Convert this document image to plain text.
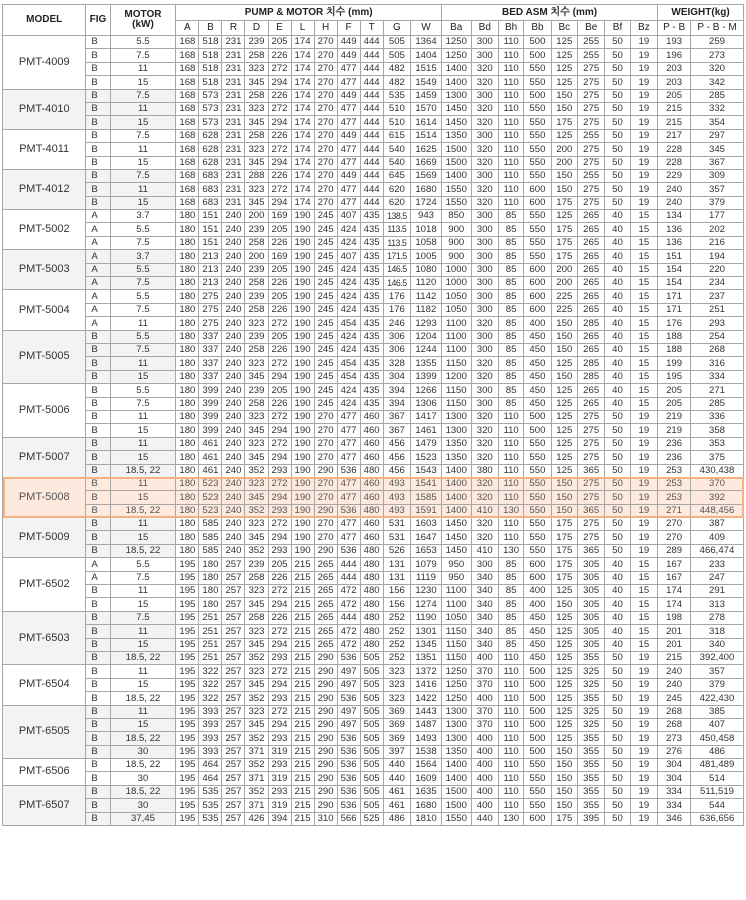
MODEL	FIG	MOTOR
(kW)	PUMP & MOTOR 치수 (mm)											BED ASM 치수 (mm)								WEIGHT(kg)	
			A	B	R	D	E	L	H	F	T	G	W	Ba	Bd	Bh	Bb	Bc	Be	Bf	Bz	P - B	P - B - M
PMT-4009	B	5.5	168	518	231	239	205	174	270	449	444	505	1364	1250	300	110	500	125	255	50	19	193	259
	B	7.5	168	518	231	258	226	174	270	449	444	505	1404	1250	300	110	500	125	255	50	19	196	273
	B	11	168	518	231	323	272	174	270	477	444	482	1515	1400	320	110	550	125	275	50	19	203	320
	B	15	168	518	231	345	294	174	270	477	444	482	1549	1400	320	110	550	125	275	50	19	203	342
PMT-4010	B	7.5	168	573	231	258	226	174	270	449	444	535	1459	1300	300	110	500	150	275	50	19	205	285
	B	11	168	573	231	323	272	174	270	477	444	510	1570	1450	320	110	550	150	275	50	19	215	332
	B	15	168	573	231	345	294	174	270	477	444	510	1614	1450	320	110	550	175	275	50	19	215	354
PMT-4011	B	7.5	168	628	231	258	226	174	270	449	444	615	1514	1350	300	110	550	125	255	50	19	217	297
	B	11	168	628	231	323	272	174	270	477	444	540	1625	1500	320	110	550	200	275	50	19	228	345
	B	15	168	628	231	345	294	174	270	477	444	540	1669	1500	320	110	550	200	275	50	19	228	367
PMT-4012	B	7.5	168	683	231	288	226	174	270	449	444	645	1569	1400	300	110	550	150	255	50	19	229	309
	B	11	168	683	231	323	272	174	270	477	444	620	1680	1550	320	110	600	150	275	50	19	240	357
	B	15	168	683	231	345	294	174	270	477	444	620	1724	1550	320	110	600	175	275	50	19	240	379
PMT-5002	A	3.7	180	151	240	200	169	190	245	407	435	138.5	943	850	300	85	550	125	265	40	15	134	177
	A	5.5	180	151	240	239	205	190	245	424	435	113.5	1018	900	300	85	550	175	265	40	15	136	202
	A	7.5	180	151	240	258	226	190	245	424	435	113.5	1058	900	300	85	550	175	265	40	15	136	216
PMT-5003	A	3.7	180	213	240	200	169	190	245	407	435	171.5	1005	900	300	85	550	175	265	40	15	151	194
	A	5.5	180	213	240	239	205	190	245	424	435	146.5	1080	1000	300	85	600	200	265	40	15	154	220
	A	7.5	180	213	240	258	226	190	245	424	435	146.5	1120	1000	300	85	600	200	265	40	15	154	234
PMT-5004	A	5.5	180	275	240	239	205	190	245	424	435	176	1142	1050	300	85	600	225	265	40	15	171	237
	A	7.5	180	275	240	258	226	190	245	424	435	176	1182	1050	300	85	600	225	265	40	15	171	251
	A	11	180	275	240	323	272	190	245	454	435	246	1293	1100	320	85	400	150	285	40	15	176	293
PMT-5005	B	5.5	180	337	240	239	205	190	245	424	435	306	1204	1100	300	85	450	150	265	40	15	188	254
	B	7.5	180	337	240	258	226	190	245	424	435	306	1244	1100	300	85	450	150	265	40	15	188	268
	B	11	180	337	240	323	272	190	245	454	435	328	1355	1150	320	85	450	125	285	40	15	199	316
	B	15	180	337	240	345	294	190	245	454	435	304	1399	1200	320	85	450	150	285	40	15	195	334
PMT-5006	B	5.5	180	399	240	239	205	190	245	424	435	394	1266	1150	300	85	450	125	265	40	15	205	271
	B	7.5	180	399	240	258	226	190	245	424	435	394	1306	1150	300	85	450	125	265	40	15	205	285
	B	11	180	399	240	323	272	190	270	477	460	367	1417	1300	320	110	500	125	275	50	19	219	336
	B	15	180	399	240	345	294	190	270	477	460	367	1461	1300	320	110	500	125	275	50	19	219	358
PMT-5007	B	11	180	461	240	323	272	190	270	477	460	456	1479	1350	320	110	550	125	275	50	19	236	353
	B	15	180	461	240	345	294	190	270	477	460	456	1523	1350	320	110	550	125	275	50	19	236	375
	B	18.5, 22	180	461	240	352	293	190	290	536	480	456	1543	1400	380	110	550	125	365	50	19	253	430,438
PMT-5008	B	11	180	523	240	323	272	190	270	477	460	493	1541	1400	320	110	550	150	275	50	19	253	370
	B	15	180	523	240	345	294	190	270	477	460	493	1585	1400	320	110	550	150	275	50	19	253	392
	B	18.5, 22	180	523	240	352	293	190	290	536	480	493	1591	1400	410	130	550	150	365	50	19	271	448,456
PMT-5009	B	11	180	585	240	323	272	190	270	477	460	531	1603	1450	320	110	550	175	275	50	19	270	387
	B	15	180	585	240	345	294	190	270	477	460	531	1647	1450	320	110	550	175	275	50	19	270	409
	B	18.5, 22	180	585	240	352	293	190	290	536	480	526	1653	1450	410	130	550	175	365	50	19	289	466,474
PMT-6502	A	5.5	195	180	257	239	205	215	265	444	480	131	1079	950	300	85	600	175	305	40	15	167	233
	A	7.5	195	180	257	258	226	215	265	444	480	131	1119	950	340	85	600	175	305	40	15	167	247
	B	11	195	180	257	323	272	215	265	472	480	156	1230	1100	340	85	400	125	305	40	15	174	291
	B	15	195	180	257	345	294	215	265	472	480	156	1274	1100	340	85	400	150	305	40	15	174	313
PMT-6503	B	7.5	195	251	257	258	226	215	265	444	480	252	1190	1050	340	85	450	125	305	40	15	198	278
	B	11	195	251	257	323	272	215	265	472	480	252	1301	1150	340	85	450	125	305	40	15	201	318
	B	15	195	251	257	345	294	215	265	472	480	252	1345	1150	340	85	450	125	305	40	15	201	340
	B	18.5, 22	195	251	257	352	293	215	290	536	505	252	1351	1150	400	110	450	125	355	50	19	215	392,400
PMT-6504	B	11	195	322	257	323	272	215	290	497	505	323	1372	1250	370	110	500	125	325	50	19	240	357
	B	15	195	322	257	345	294	215	290	497	505	323	1416	1250	370	110	500	125	325	50	19	240	379
	B	18.5, 22	195	322	257	352	293	215	290	536	505	323	1422	1250	400	110	500	125	355	50	19	245	422,430
PMT-6505	B	11	195	393	257	323	272	215	290	497	505	369	1443	1300	370	110	500	125	325	50	19	268	385
	B	15	195	393	257	345	294	215	290	497	505	369	1487	1300	370	110	500	125	325	50	19	268	407
	B	18.5, 22	195	393	257	352	293	215	290	536	505	369	1493	1300	400	110	500	125	355	50	19	273	450,458
	B	30	195	393	257	371	319	215	290	536	505	397	1538	1350	400	110	500	150	355	50	19	276	486
PMT-6506	B	18.5, 22	195	464	257	352	293	215	290	536	505	440	1564	1400	400	110	550	150	355	50	19	304	481,489
	B	30	195	464	257	371	319	215	290	536	505	440	1609	1400	400	110	550	150	355	50	19	304	514
PMT-6507	B	18.5, 22	195	535	257	352	293	215	290	536	505	461	1635	1500	400	110	550	150	355	50	19	334	511,519
	B	30	195	535	257	371	319	215	290	536	505	461	1680	1500	400	110	550	150	355	50	19	334	544
	B	37,45	195	535	257	426	394	215	310	566	525	486	1810	1550	440	130	600	175	395	50	19	346	636,656
